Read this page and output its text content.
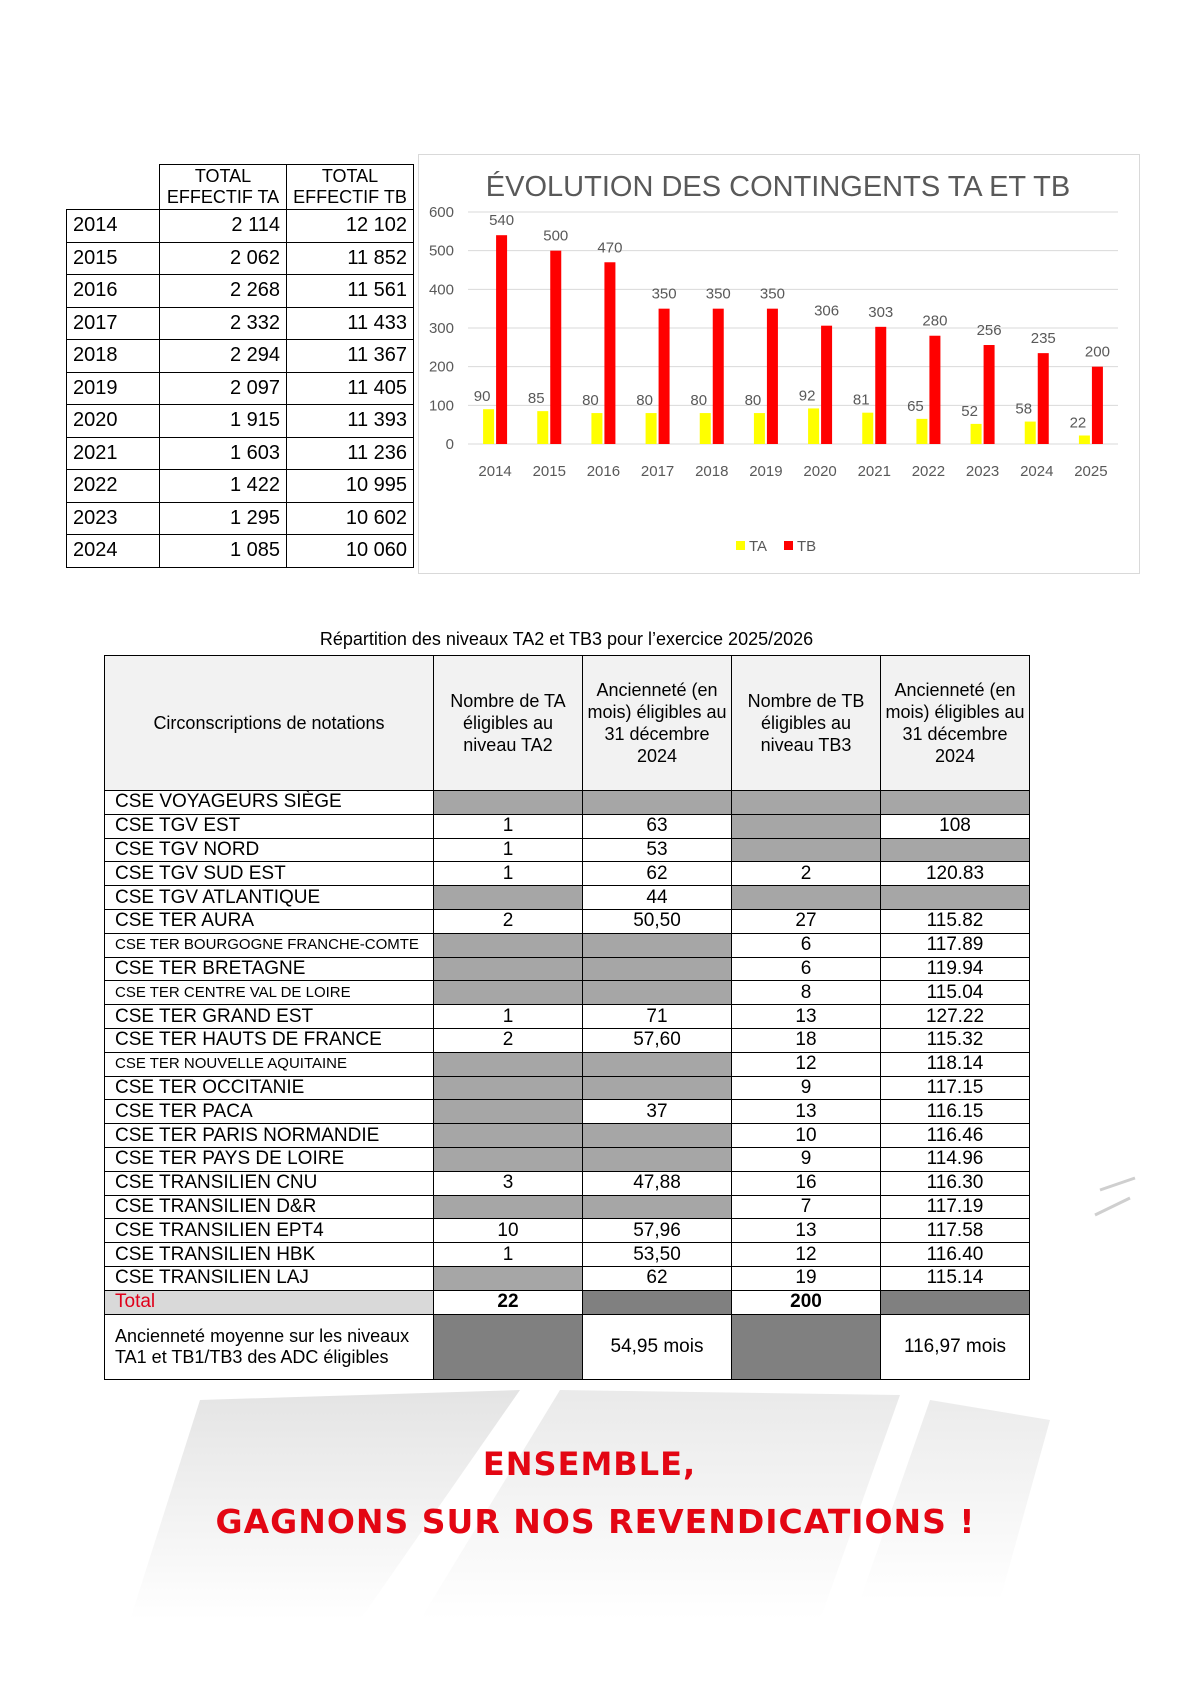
	TOTAL EFFECTIF TA	TOTAL EFFECTIF TB
2014	2 114	12 102
2015	2 062	11 852
2016	2 268	11 561
2017	2 332	11 433
2018	2 294	11 367
2019	2 097	11 405
2020	1 915	11 393
2021	1 603	11 236
2022	1 422	10 995
2023	1 295	10 602
2024	1 085	10 060
ÉVOLUTION DES CONTINGENTS TA ET TB
0
100
200
300
400
500
600
90
540
2014
85
500
2015
80
470
2016
80
350
2017
80
350
2018
80
350
2019
92
306
2020
81
303
2021
65
280
2022
52
256
2023
58
235
2024
22
200
2025
TA TB
Répartition des niveaux TA2 et TB3 pour l’exercice 2025/2026
Circonscriptions de notations	Nombre de TA éligibles au niveau TA2	Ancienneté (en mois) éligibles au 31 décembre 2024	Nombre de TB éligibles au niveau TB3	Ancienneté (en mois) éligibles au 31 décembre 2024
CSE VOYAGEURS SIÈGE				
CSE TGV EST	1	63		108
CSE TGV NORD	1	53		
CSE TGV SUD EST	1	62	2	120.83
CSE TGV ATLANTIQUE		44		
CSE TER AURA	2	50,50	27	115.82
CSE TER BOURGOGNE FRANCHE-COMTE			6	117.89
CSE TER BRETAGNE			6	119.94
CSE TER CENTRE VAL DE LOIRE			8	115.04
CSE TER GRAND EST	1	71	13	127.22
CSE TER HAUTS DE FRANCE	2	57,60	18	115.32
CSE TER NOUVELLE AQUITAINE			12	118.14
CSE TER OCCITANIE			9	117.15
CSE TER PACA		37	13	116.15
CSE TER PARIS NORMANDIE			10	116.46
CSE TER PAYS DE LOIRE			9	114.96
CSE TRANSILIEN CNU	3	47,88	16	116.30
CSE TRANSILIEN D&R			7	117.19
CSE TRANSILIEN EPT4	10	57,96	13	117.58
CSE TRANSILIEN HBK	1	53,50	12	116.40
CSE TRANSILIEN LAJ		62	19	115.14
Total	22		200	
Ancienneté moyenne sur les niveaux TA1 et TB1/TB3 des ADC éligibles		54,95 mois		116,97 mois
ENSEMBLE,
GAGNONS SUR NOS REVENDICATIONS !
